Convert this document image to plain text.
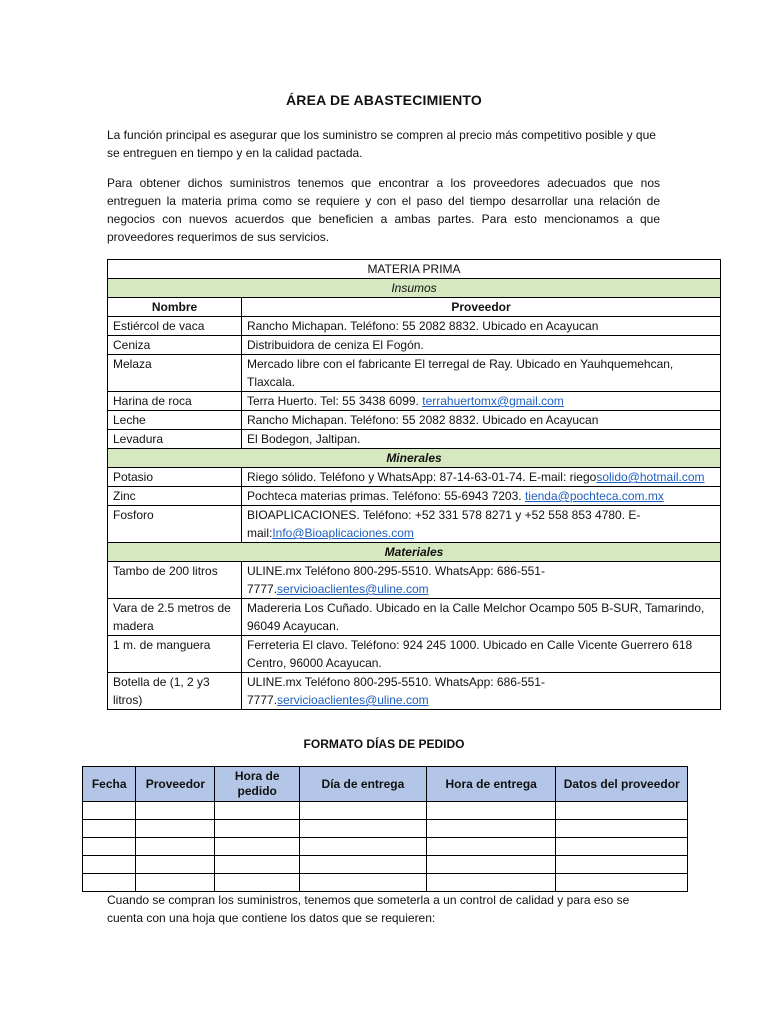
ÁREA DE ABASTECIMIENTO
La función principal es asegurar que los suministro se compren al precio más competitivo posible y que se entreguen en tiempo y en la calidad pactada.
Para obtener dichos suministros tenemos que encontrar a los proveedores adecuados que nos entreguen la materia prima como se requiere y con el paso del tiempo desarrollar una relación de negocios con nuevos acuerdos que beneficien a ambas partes. Para esto mencionamos a que proveedores requerimos de sus servicios.
MATERIA PRIMA	
Insumos	
Nombre	Proveedor
Estiércol de vaca	Rancho Michapan. Teléfono: 55 2082 8832. Ubicado en Acayucan
Ceniza	Distribuidora de ceniza El Fogón.
Melaza	Mercado libre con el fabricante El terregal de Ray. Ubicado en Yauhquemehcan, Tlaxcala.
Harina de roca	Terra Huerto. Tel: 55 3438 6099. terrahuertomx@gmail.com
Leche	Rancho Michapan. Teléfono: 55 2082 8832. Ubicado en Acayucan
Levadura	El Bodegon, Jaltipan.
Minerales	
Potasio	Riego sólido. Teléfono y WhatsApp: 87-14-63-01-74. E-mail: riegosolido@hotmail.com
Zinc	Pochteca materias primas. Teléfono: 55-6943 7203. tienda@pochteca.com.mx
Fosforo	BIOAPLICACIONES. Teléfono: +52 331 578 8271 y +52 558 853 4780. E-mail:Info@Bioaplicaciones.com
Materiales	
Tambo de 200 litros	ULINE.mx Teléfono 800-295-5510. WhatsApp: 686-551-7777.servicioaclientes@uline.com
Vara de 2.5 metros de madera	Madereria Los Cuñado. Ubicado en la Calle Melchor Ocampo 505 B-SUR, Tamarindo, 96049 Acayucan.
1 m. de manguera	Ferreteria El clavo. Teléfono: 924 245 1000. Ubicado en Calle Vicente Guerrero 618 Centro, 96000 Acayucan.
Botella de (1, 2 y3 litros)	ULINE.mx Teléfono 800-295-5510. WhatsApp: 686-551-7777.servicioaclientes@uline.com
FORMATO DÍAS DE PEDIDO
Fecha	Proveedor	Hora de pedido	Día de entrega	Hora de entrega	Datos del proveedor

Cuando se compran los suministros, tenemos que someterla a un control de calidad y para eso se cuenta con una hoja que contiene los datos que se requieren:
